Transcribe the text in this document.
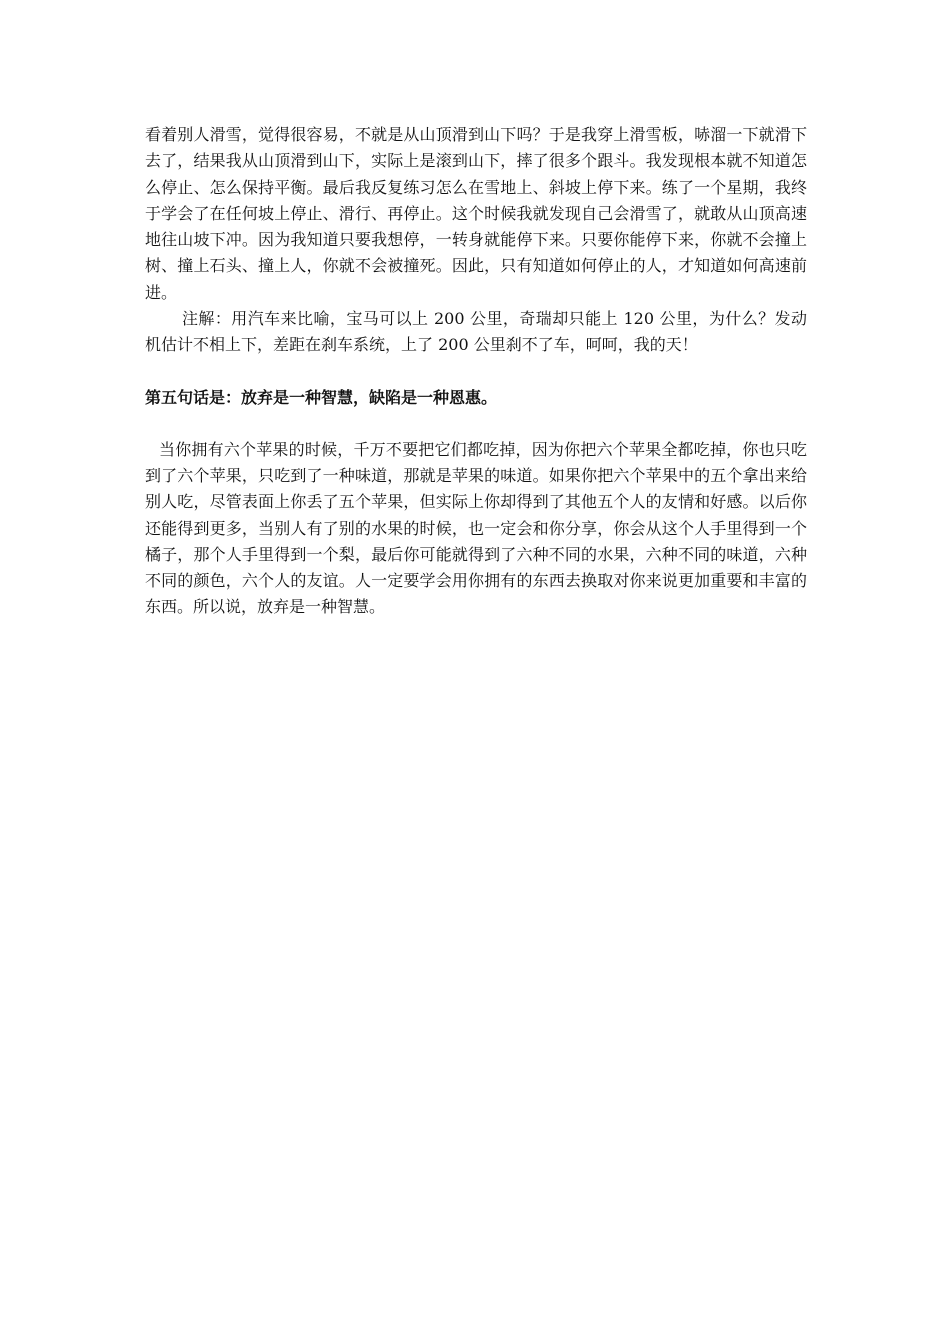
看着别人滑雪，觉得很容易，不就是从山顶滑到山下吗？于是我穿上滑雪板，哧溜一下就滑下去了，结果我从山顶滑到山下，实际上是滚到山下，摔了很多个跟斗。我发现根本就不知道怎么停止、怎么保持平衡。最后我反复练习怎么在雪地上、斜坡上停下来。练了一个星期，我终于学会了在任何坡上停止、滑行、再停止。这个时候我就发现自己会滑雪了，就敢从山顶高速地往山坡下冲。因为我知道只要我想停，一转身就能停下来。只要你能停下来，你就不会撞上树、撞上石头、撞上人，你就不会被撞死。因此，只有知道如何停止的人，才知道如何高速前进。

注解：用汽车来比喻，宝马可以上 200 公里，奇瑞却只能上 120 公里，为什么？发动机估计不相上下，差距在刹车系统，上了 200 公里刹不了车，呵呵，我的天！

第五句话是：放弃是一种智慧，缺陷是一种恩惠。

当你拥有六个苹果的时候，千万不要把它们都吃掉，因为你把六个苹果全都吃掉，你也只吃到了六个苹果，只吃到了一种味道，那就是苹果的味道。如果你把六个苹果中的五个拿出来给别人吃，尽管表面上你丢了五个苹果，但实际上你却得到了其他五个人的友情和好感。以后你还能得到更多，当别人有了别的水果的时候，也一定会和你分享，你会从这个人手里得到一个橘子，那个人手里得到一个梨，最后你可能就得到了六种不同的水果，六种不同的味道，六种不同的颜色，六个人的友谊。人一定要学会用你拥有的东西去换取对你来说更加重要和丰富的东西。所以说，放弃是一种智慧。
